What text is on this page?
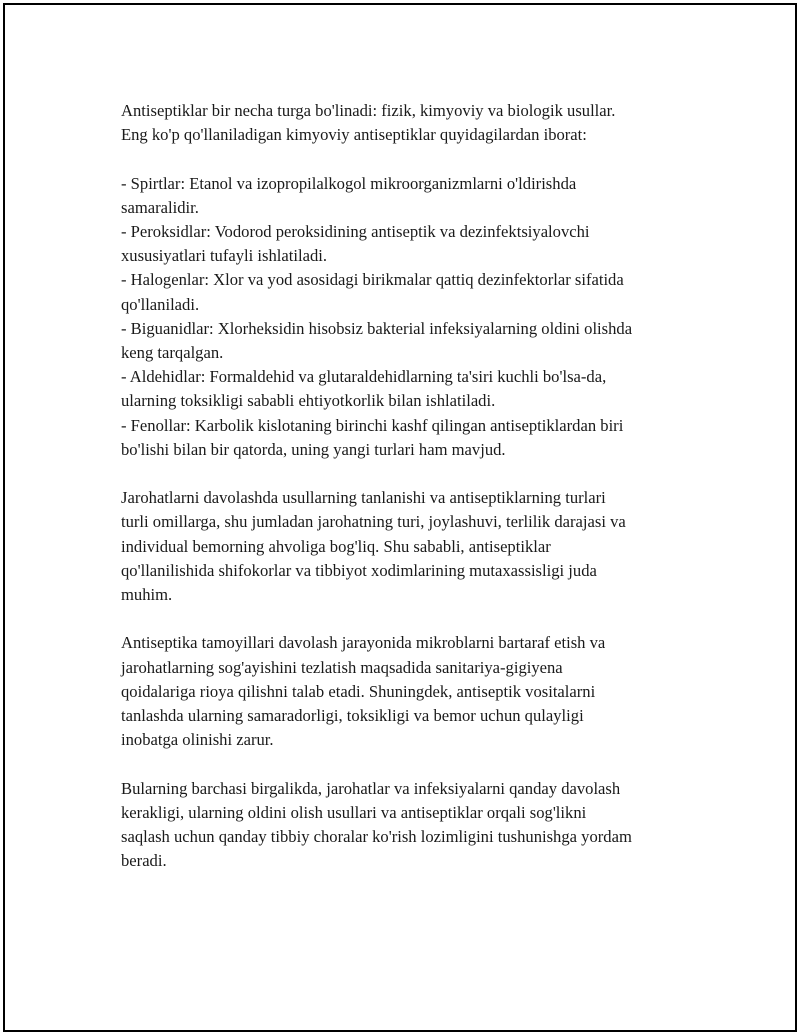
Antiseptiklar bir necha turga bo'linadi: fizik, kimyoviy va biologik usullar.
Eng ko'p qo'llaniladigan kimyoviy antiseptiklar quyidagilardan iborat:

- Spirtlar: Etanol va izopropilalkogol mikroorganizmlarni o'ldirishda
samaralidir.

- Peroksidlar: Vodorod peroksidining antiseptik va dezinfektsiyalovchi
xususiyatlari tufayli ishlatiladi.

- Halogenlar: Xlor va yod asosidagi birikmalar qattiq dezinfektorlar sifatida
qo'llaniladi.

- Biguanidlar: Xlorheksidin hisobsiz bakterial infeksiyalarning oldini olishda
keng tarqalgan.

- Aldehidlar: Formaldehid va glutaraldehidlarning ta'siri kuchli bo'lsa-da,
ularning toksikligi sababli ehtiyotkorlik bilan ishlatiladi.

- Fenollar: Karbolik kislotaning birinchi kashf qilingan antiseptiklardan biri
bo'lishi bilan bir qatorda, uning yangi turlari ham mavjud.

Jarohatlarni davolashda usullarning tanlanishi va antiseptiklarning turlari
turli omillarga, shu jumladan jarohatning turi, joylashuvi, terlilik darajasi va
individual bemorning ahvoliga bog'liq. Shu sababli, antiseptiklar
qo'llanilishida shifokorlar va tibbiyot xodimlarining mutaxassisligi juda
muhim.

Antiseptika tamoyillari davolash jarayonida mikroblarni bartaraf etish va
jarohatlarning sog'ayishini tezlatish maqsadida sanitariya-gigiyena
qoidalariga rioya qilishni talab etadi. Shuningdek, antiseptik vositalarni
tanlashda ularning samaradorligi, toksikligi va bemor uchun qulayligi
inobatga olinishi zarur.

Bularning barchasi birgalikda, jarohatlar va infeksiyalarni qanday davolash
kerakligi, ularning oldini olish usullari va antiseptiklar orqali sog'likni
saqlash uchun qanday tibbiy choralar ko'rish lozimligini tushunishga yordam
beradi.
